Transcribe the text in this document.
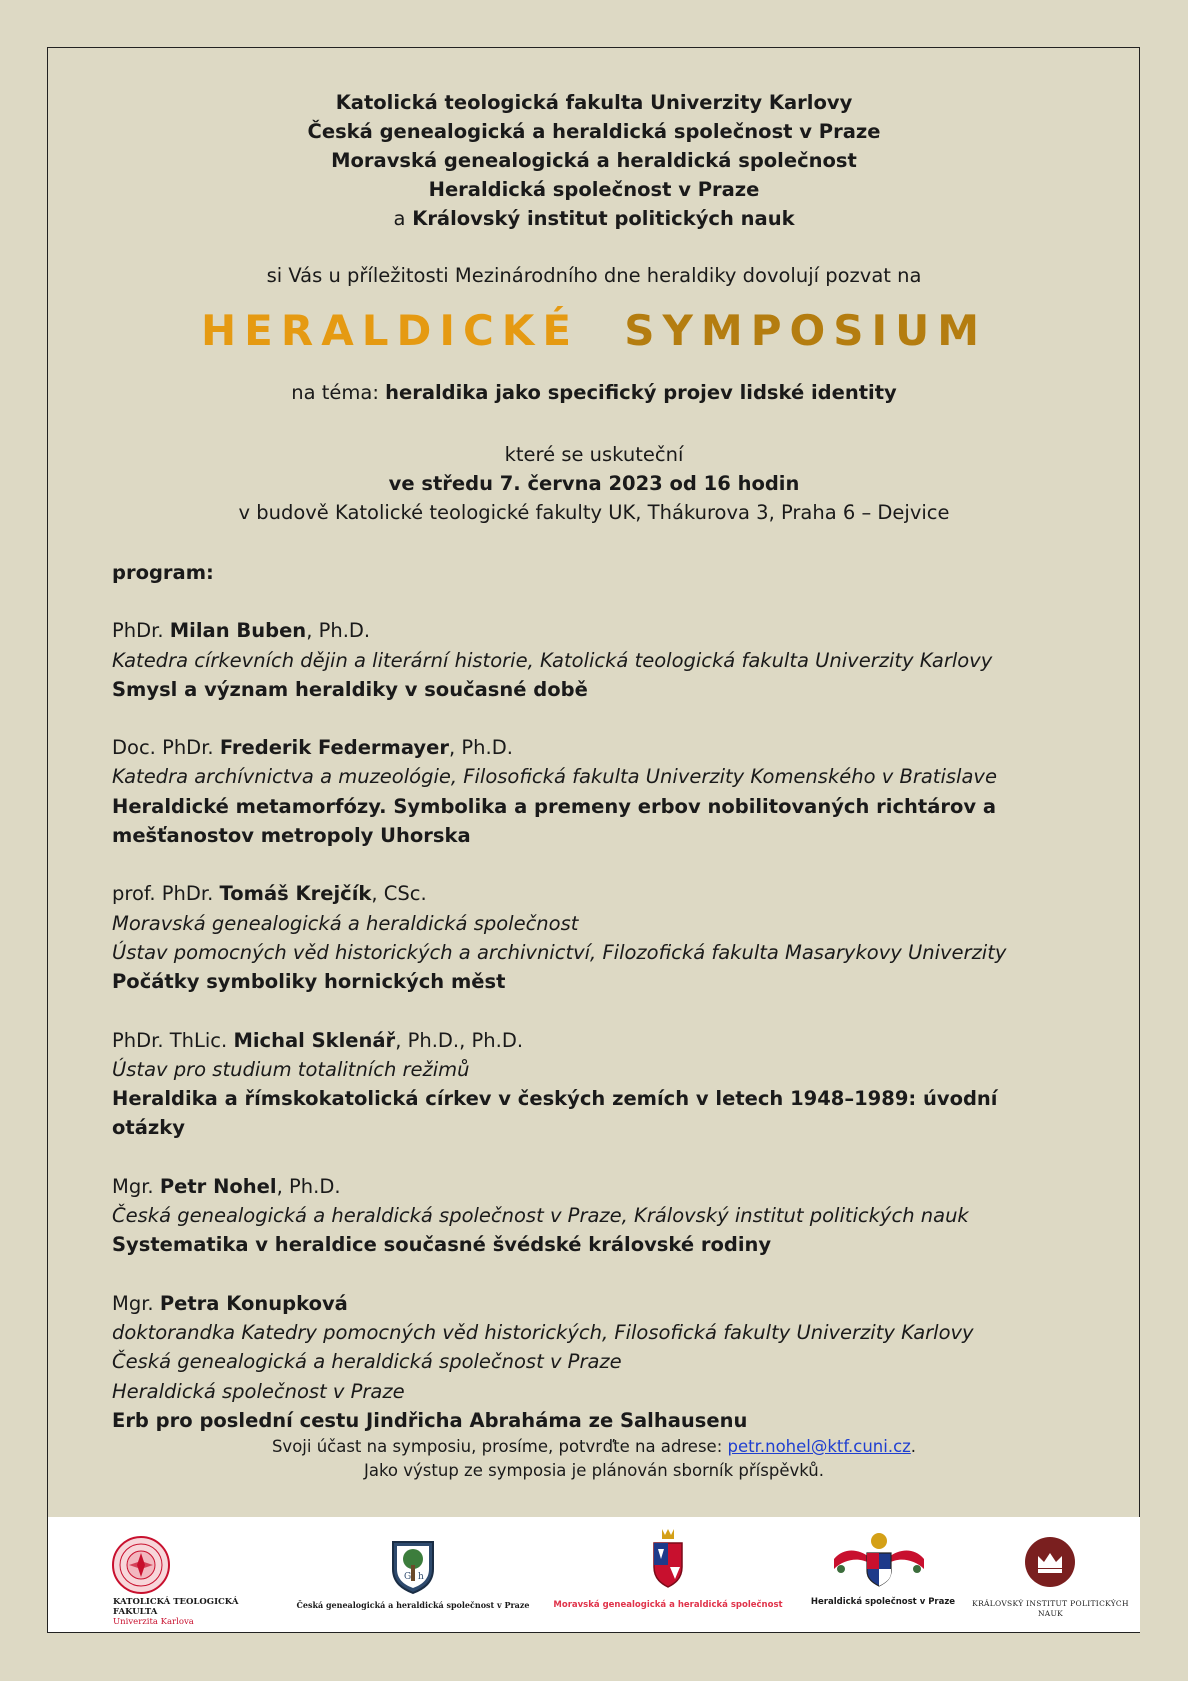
Katolická teologická fakulta Univerzity Karlovy
Česká genealogická a heraldická společnost v Praze
Moravská genealogická a heraldická společnost
Heraldická společnost v Praze
a Královský institut politických nauk
si Vás u příležitosti Mezinárodního dne heraldiky dovolují pozvat na
HERALDICKÉ SYMPOSIUM
na téma: heraldika jako specifický projev lidské identity
které se uskuteční
ve středu 7. června 2023 od 16 hodin
v budově Katolické teologické fakulty UK, Thákurova 3, Praha 6 – Dejvice
program:
PhDr. Milan Buben, Ph.D.
Katedra církevních dějin a literární historie, Katolická teologická fakulta Univerzity Karlovy
Smysl a význam heraldiky v současné době
Doc. PhDr. Frederik Federmayer, Ph.D.
Katedra archívnictva a muzeológie, Filosofická fakulta Univerzity Komenského v Bratislave
Heraldické metamorfózy. Symbolika a premeny erbov nobilitovaných richtárov a mešťanostov metropoly Uhorska
prof. PhDr. Tomáš Krejčík, CSc.
Moravská genealogická a heraldická společnost
Ústav pomocných věd historických a archivnictví, Filozofická fakulta Masarykovy Univerzity
Počátky symboliky hornických měst
PhDr. ThLic. Michal Sklenář, Ph.D., Ph.D.
Ústav pro studium totalitních režimů
Heraldika a římskokatolická církev v českých zemích v letech 1948–1989: úvodní otázky
Mgr. Petr Nohel, Ph.D.
Česká genealogická a heraldická společnost v Praze, Královský institut politických nauk
Systematika v heraldice současné švédské královské rodiny
Mgr. Petra Konupková
doktorandka Katedry pomocných věd historických, Filosofická fakulty Univerzity Karlovy
Česká genealogická a heraldická společnost v Praze
Heraldická společnost v Praze
Erb pro poslední cestu Jindřicha Abraháma ze Salhausenu
Svoji účast na symposiu, prosíme, potvrďte na adrese: petr.nohel@ktf.cuni.cz.
Jako výstup ze symposia je plánován sborník příspěvků.
KATOLICKÁ TEOLOGICKÁ
FAKULTA
Univerzita Karlova
G h
Česká genealogická a heraldická společnost v Praze	Moravská genealogická a heraldická společnost	Heraldická společnost v Praze	KRÁLOVSKÝ INSTITUT POLITICKÝCH NAUK
